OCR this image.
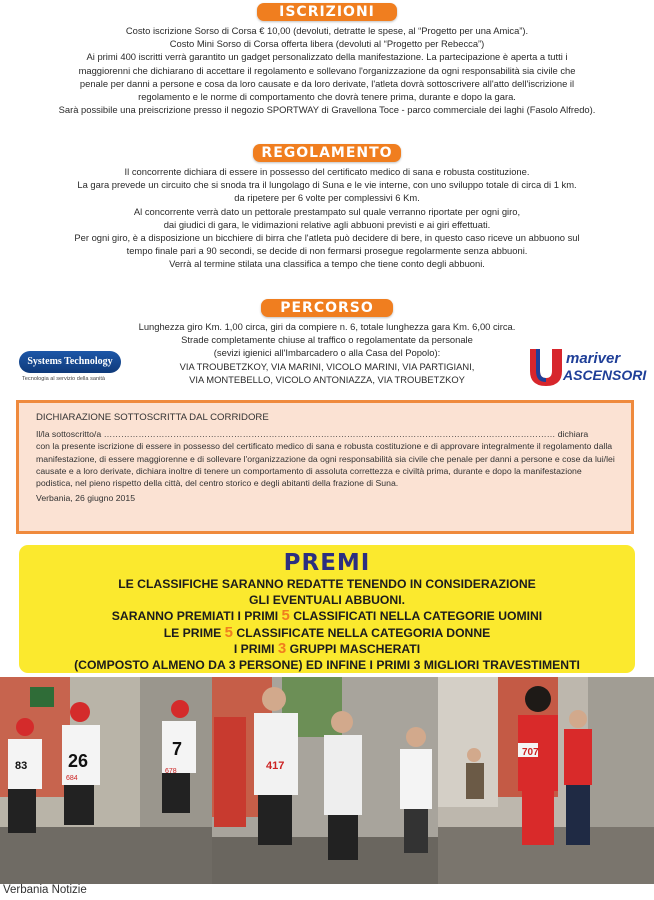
ISCRIZIONI

Costo iscrizione Sorso di Corsa € 10,00 (devoluti, detratte le spese, al “Progetto per una Amica”).

Costo Mini Sorso di Corsa offerta libera (devoluti al “Progetto per Rebecca”)

Ai primi 400 iscritti verrà garantito un gadget personalizzato della manifestazione. La partecipazione è aperta a tutti i

maggiorenni che dichiarano di accettare il regolamento e sollevano l'organizzazione da ogni responsabilità sia civile che

penale per danni a persone e cosa da loro causate e da loro derivate, l'atleta dovrà sottoscrivere all'atto dell'iscrizione il

regolamento e le norme di comportamento che dovrà tenere prima, durante e dopo la gara.

Sarà possibile una preiscrizione presso il negozio SPORTWAY di Gravellona Toce - parco commerciale dei laghi (Fasolo Alfredo).

REGOLAMENTO

Il concorrente dichiara di essere in possesso del certificato medico di sana e robusta costituzione.

La gara prevede un circuito che si snoda tra il lungolago di Suna e le vie interne, con uno sviluppo totale di circa di 1 km.

da ripetere per 6 volte per complessivi 6 Km.

Al concorrente verrà dato un pettorale prestampato sul quale verranno riportate per ogni giro,

dai giudici di gara, le vidimazioni relative agli abbuoni previsti e ai giri effettuati.

Per ogni giro, è a disposizione un bicchiere di birra che l'atleta può decidere di bere, in questo caso riceve un abbuono sul

tempo finale pari a 90 secondi, se decide di non fermarsi prosegue regolarmente senza abbuoni.

Verrà al termine stilata una classifica a tempo che tiene conto degli abbuoni.

PERCORSO

Lunghezza giro Km. 1,00 circa, giri da compiere n. 6, totale lunghezza gara Km. 6,00 circa.

Strade completamente chiuse al traffico o regolamentate da personale

(sevizi igienici all'Imbarcadero o alla Casa del Popolo):

VIA TROUBETZKOY, VIA MARINI, VICOLO MARINI, VIA PARTIGIANI,

VIA MONTEBELLO, VICOLO ANTONIAZZA, VIA TROUBETZKOY

Systems Technology
Tecnologia al servizio della sanità
mariver
ASCENSORI

DICHIARAZIONE SOTTOSCRITTA DAL CORRIDORE

Il/la sottoscritto/a ………………………………………………………………………………………………………………………………………… dichiara

con la presente iscrizione di essere in possesso del certificato medico di sana e robusta costituzione e di approvare integralmente il regolamento dalla manifestazione, di essere maggiorenne e di sollevare l'organizzazione da ogni responsabilità sia civile che penale per danni a persone e cose da lui/lei causate e a loro derivate, dichiara inoltre di tenere un comportamento di assoluta correttezza e civiltà prima, durante e dopo la manifestazione podistica, nel pieno rispetto della città, del centro storico e degli abitanti della frazione di Suna.

Verbania, 26 giugno 2015

PREMI
LE CLASSIFICHE SARANNO REDATTE TENENDO IN CONSIDERAZIONE
GLI EVENTUALI ABBUONI.
SARANNO PREMIATI I PRIMI 5 CLASSIFICATI NELLA CATEGORIE UOMINI
LE PRIME 5 CLASSIFICATE NELLA CATEGORIA DONNE
I PRIMI 3 GRUPPI MASCHERATI
(COMPOSTO ALMENO DA 3 PERSONE) ED INFINE I PRIMI 3 MIGLIORI TRAVESTIMENTI
26
7
684
678
83	417
707
Verbania Notizie
